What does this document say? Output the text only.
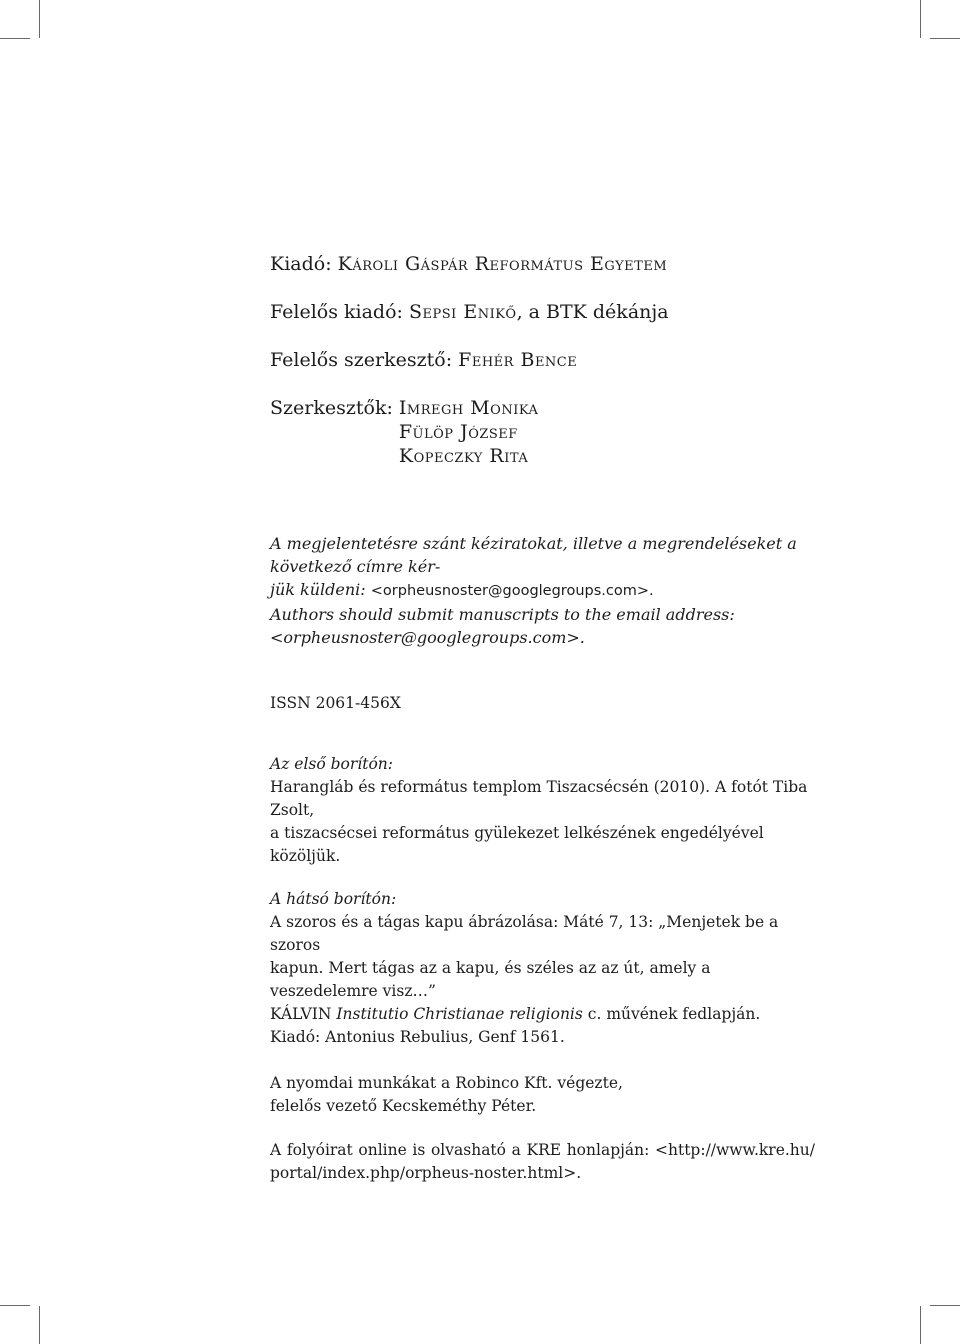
Kiadó: Károli Gáspár Református Egyetem

Felelős kiadó: Sepsi Enikő, a BTK dékánja

Felelős szerkesztő: Fehér Bence

Szerkesztők: Imregh Monika
Fülöp József
Kopeczky Rita

A megjelentetésre szánt kéziratokat, illetve a megrendeléseket a következő címre kér-

jük küldeni: <orpheusnoster@googlegroups.com>.

Authors should submit manuscripts to the email address:

<orpheusnoster@googlegroups.com>.

ISSN 2061-456X

Az első borítón:

Harangláb és református templom Tiszacsécsén (2010). A fotót Tiba Zsolt,

a tiszacsécsei református gyülekezet lelkészének engedélyével közöljük.

A hátsó borítón:

A szoros és a tágas kapu ábrázolása: Máté 7, 13: „Menjetek be a szoros

kapun. Mert tágas az a kapu, és széles az az út, amely a veszedelemre visz…”

KÁLVIN Institutio Christianae religionis c. művének fedlapján.

Kiadó: Antonius Rebulius, Genf 1561.

A nyomdai munkákat a Robinco Kft. végezte,

felelős vezető Kecskeméthy Péter.

A folyóirat online is olvasható a KRE honlapján: <http://www.kre.hu/

portal/index.php/orpheus-noster.html>.
